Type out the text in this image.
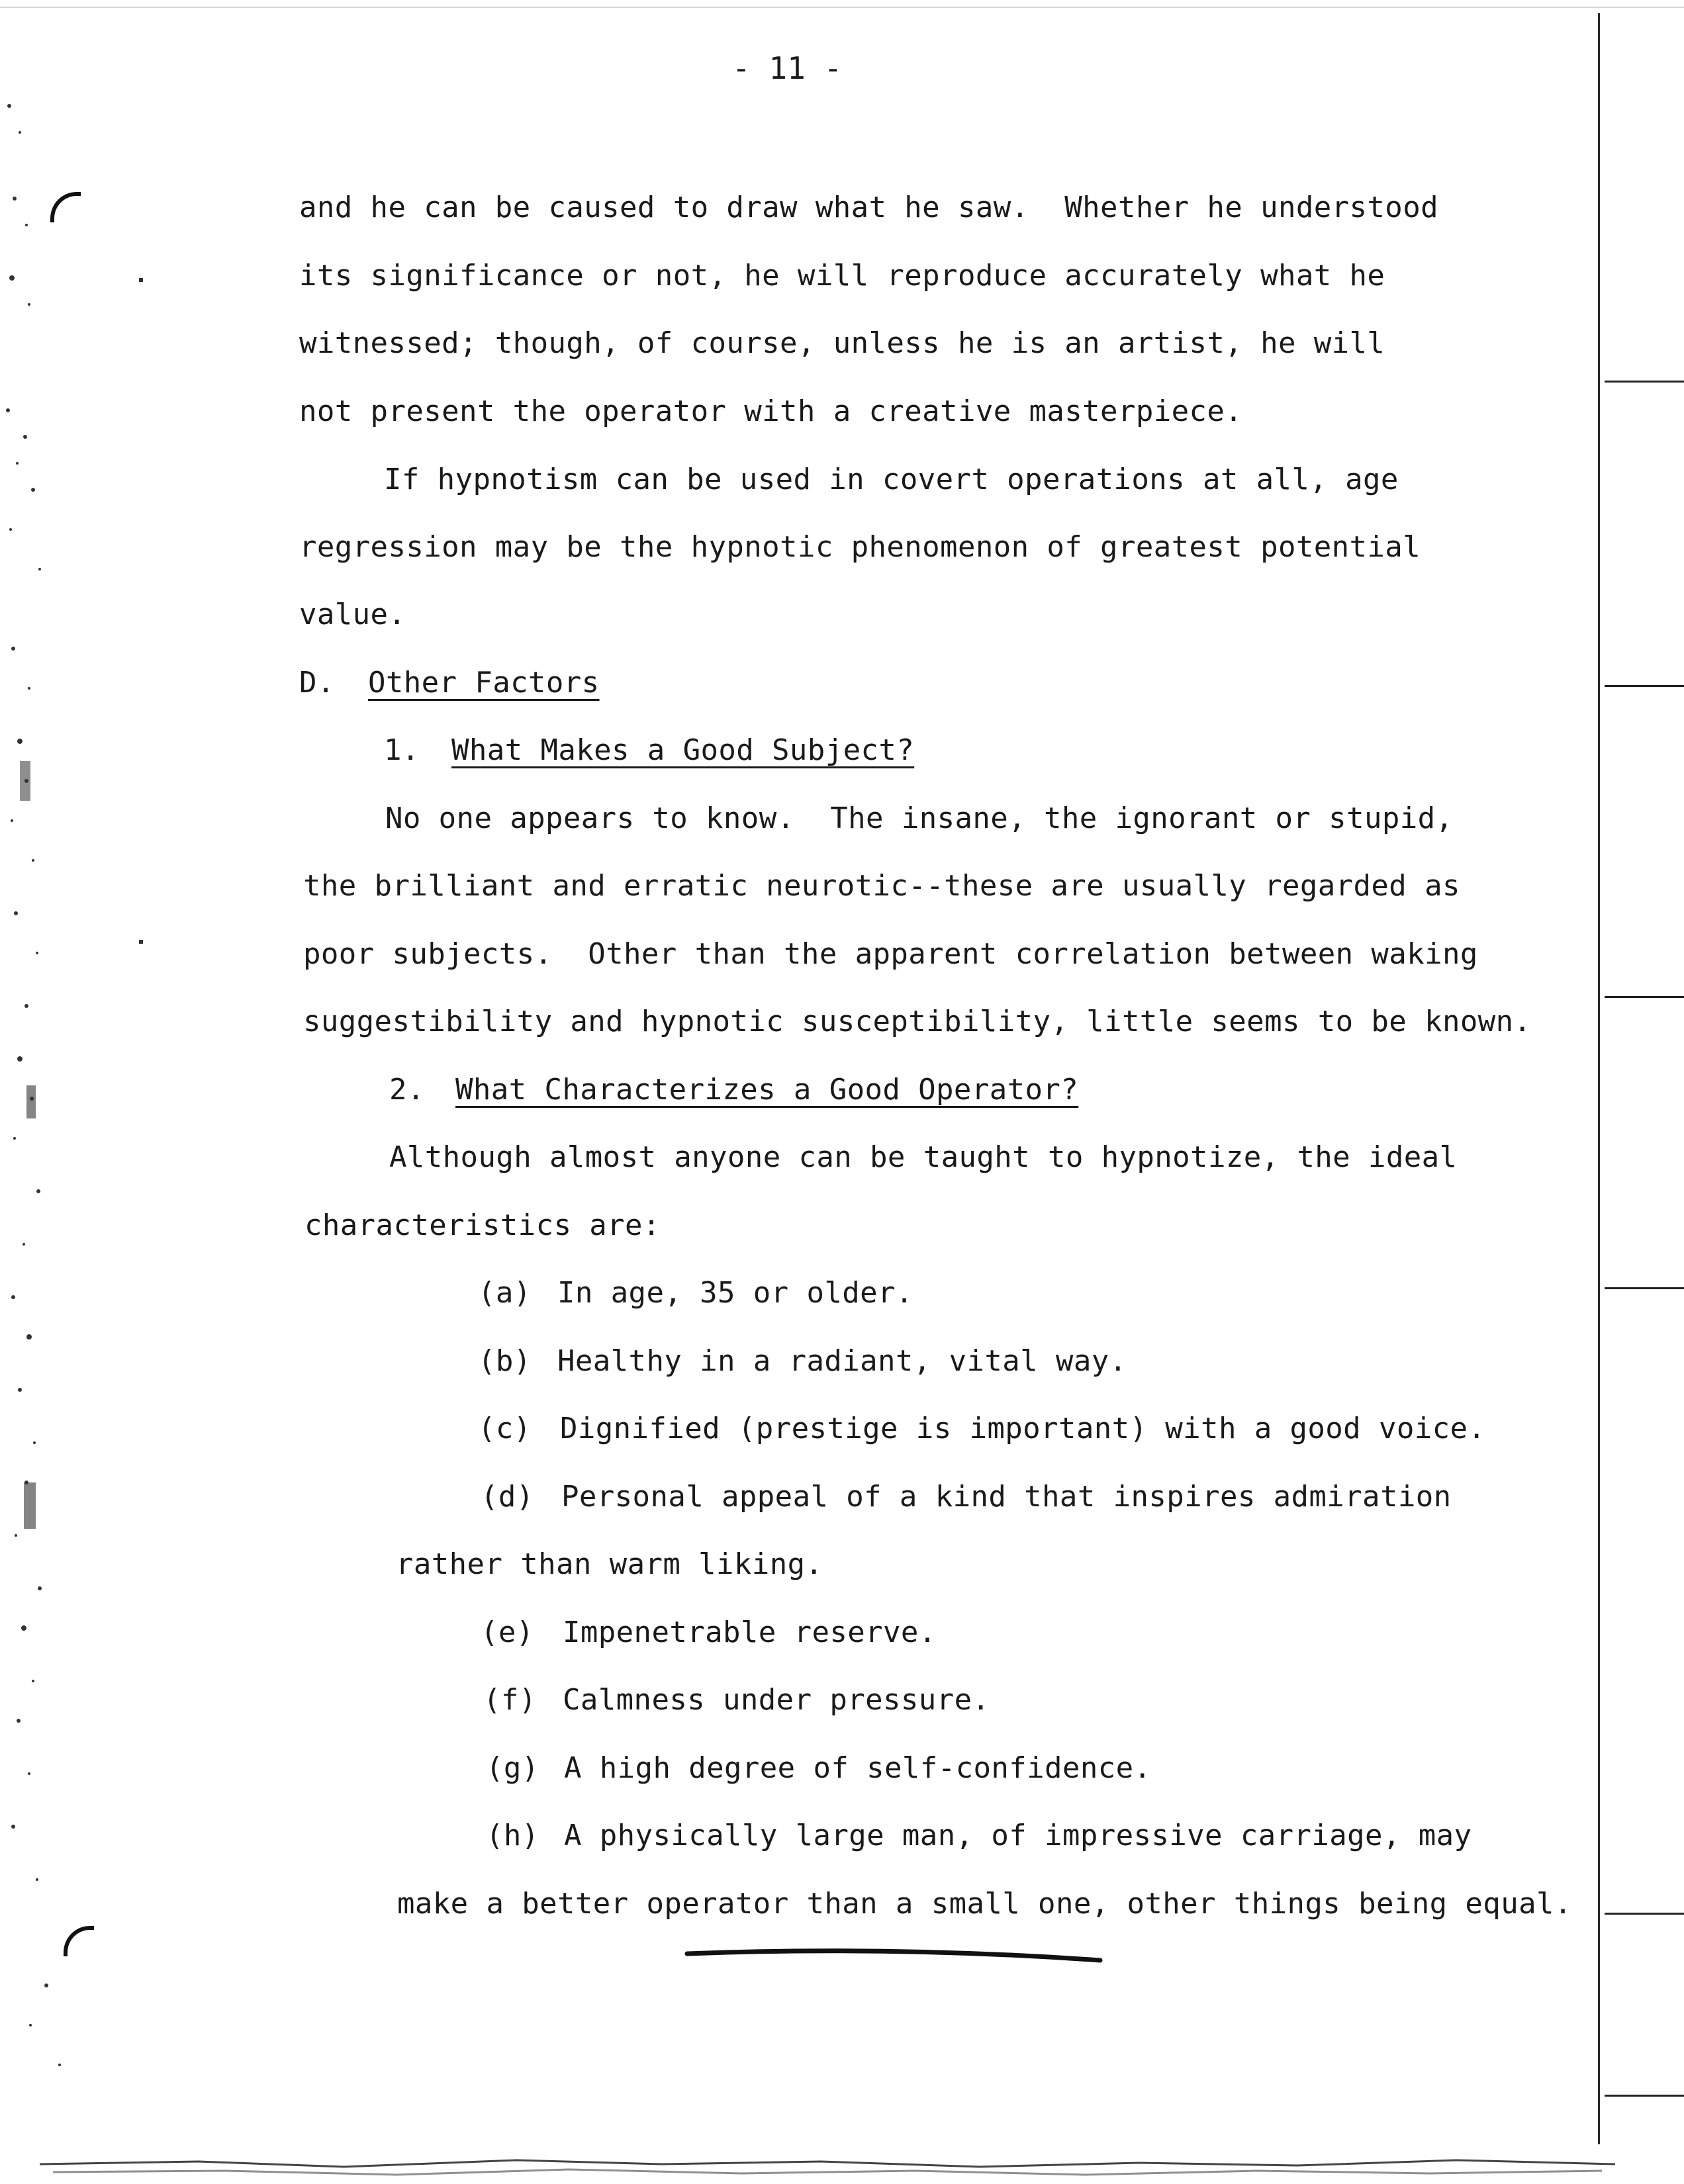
- 11 -
and he can be caused to draw what he saw.  Whether he understood
its significance or not, he will reproduce accurately what he
witnessed; though, of course, unless he is an artist, he will
not present the operator with a creative masterpiece.
If hypnotism can be used in covert operations at all, age
regression may be the hypnotic phenomenon of greatest potential
value.
D. Other Factors
1. What Makes a Good Subject?
No one appears to know.  The insane, the ignorant or stupid,
the brilliant and erratic neurotic--these are usually regarded as
poor subjects.  Other than the apparent correlation between waking
suggestibility and hypnotic susceptibility, little seems to be known.
2. What Characterizes a Good Operator?
Although almost anyone can be taught to hypnotize, the ideal
characteristics are:
(a) In age, 35 or older.
(b) Healthy in a radiant, vital way.
(c) Dignified (prestige is important) with a good voice.
(d) Personal appeal of a kind that inspires admiration
rather than warm liking.
(e) Impenetrable reserve.
(f) Calmness under pressure.
(g) A high degree of self-confidence.
(h) A physically large man, of impressive carriage, may
make a better operator than a small one, other things being equal.
